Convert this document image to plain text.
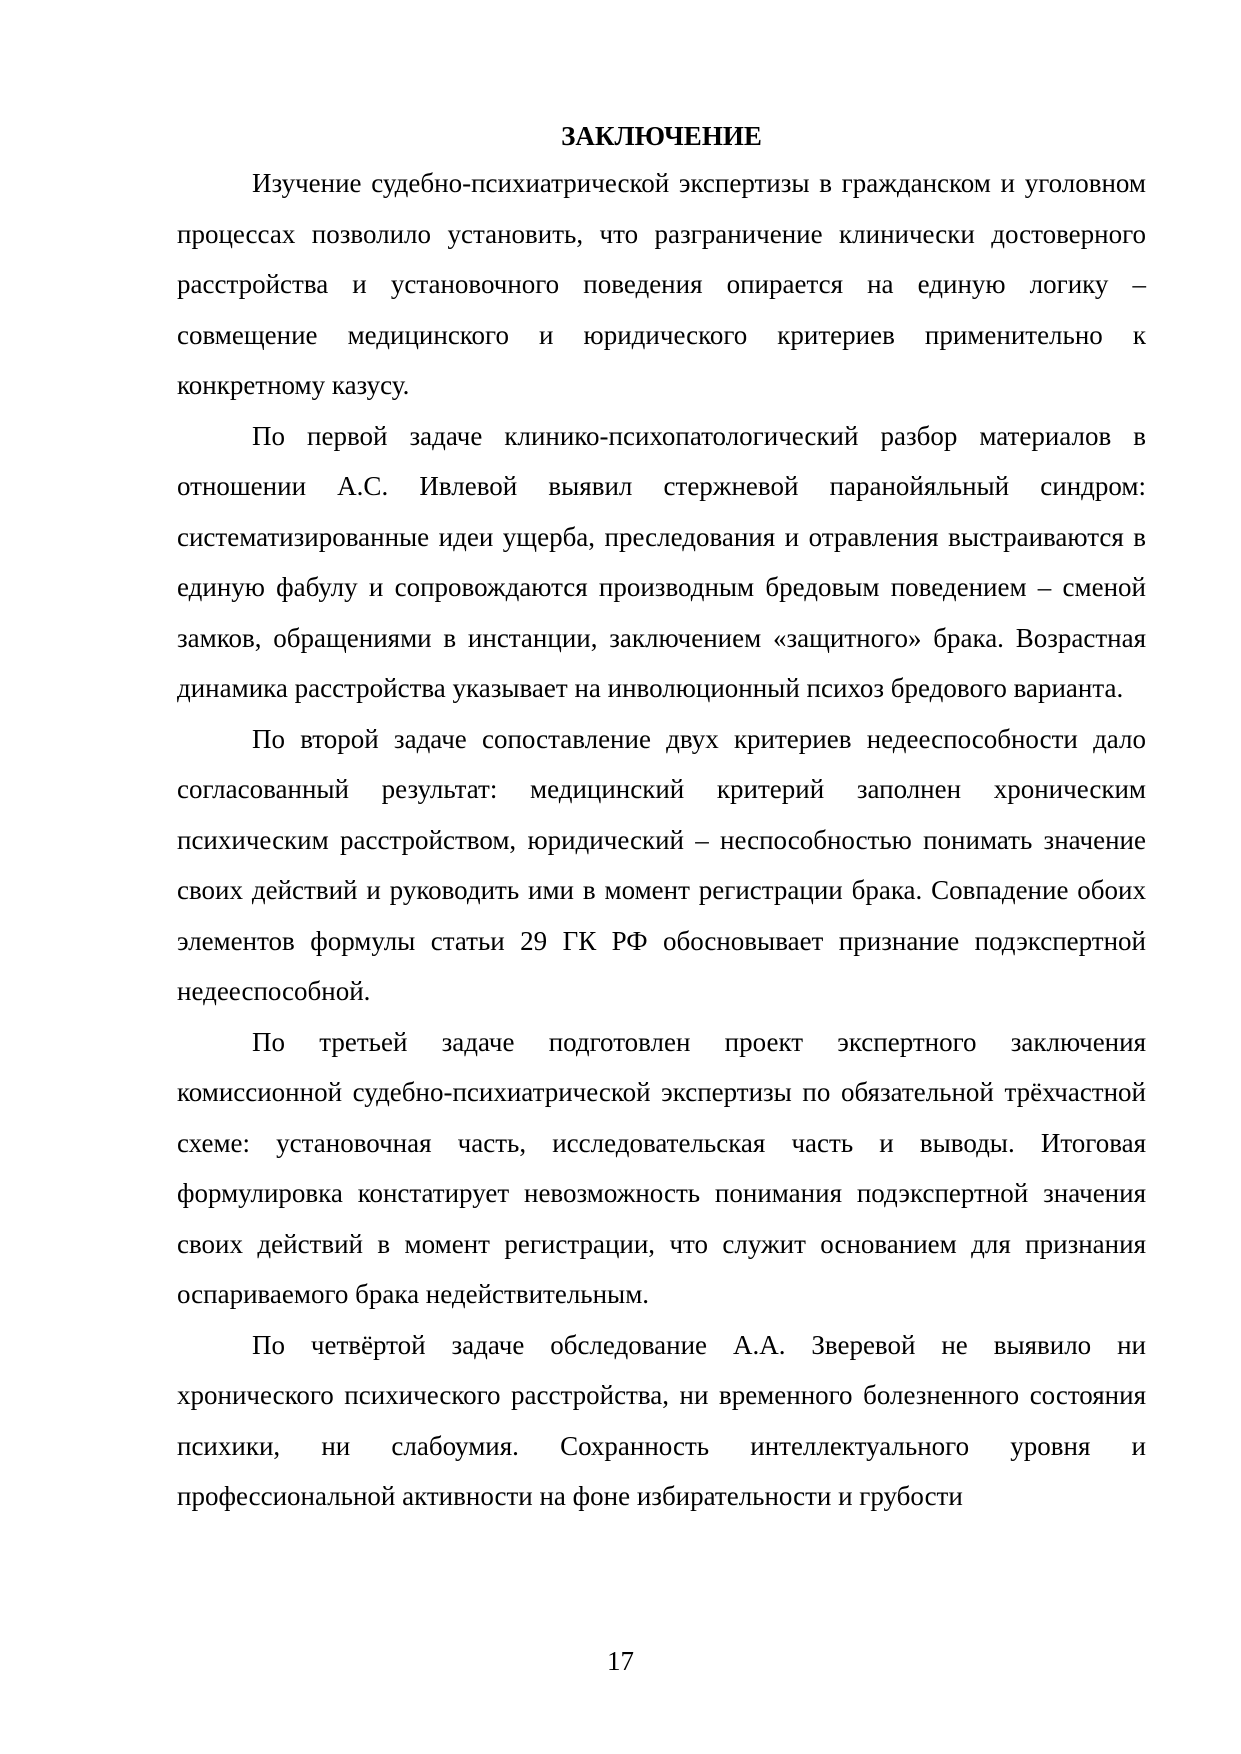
ЗАКЛЮЧЕНИЕ

Изучение судебно-психиатрической экспертизы в гражданском и уголовном процессах позволило установить, что разграничение клинически достоверного расстройства и установочного поведения опирается на единую логику – совмещение медицинского и юридического критериев применительно к конкретному казусу.

По первой задаче клинико-психопатологический разбор материалов в отношении А.С. Ивлевой выявил стержневой паранойяльный синдром: систематизированные идеи ущерба, преследования и отравления выстраиваются в единую фабулу и сопровождаются производным бредовым поведением – сменой замков, обращениями в инстанции, заключением «защитного» брака. Возрастная динамика расстройства указывает на инволюционный психоз бредового варианта.

По второй задаче сопоставление двух критериев недееспособности дало согласованный результат: медицинский критерий заполнен хроническим психическим расстройством, юридический – неспособностью понимать значение своих действий и руководить ими в момент регистрации брака. Совпадение обоих элементов формулы статьи 29 ГК РФ обосновывает признание подэкспертной недееспособной.

По третьей задаче подготовлен проект экспертного заключения комиссионной судебно-психиатрической экспертизы по обязательной трёхчастной схеме: установочная часть, исследовательская часть и выводы. Итоговая формулировка констатирует невозможность понимания подэкспертной значения своих действий в момент регистрации, что служит основанием для признания оспариваемого брака недействительным.

По четвёртой задаче обследование А.А. Зверевой не выявило ни хронического психического расстройства, ни временного болезненного состояния психики, ни слабоумия. Сохранность интеллектуального уровня и профессиональной активности на фоне избирательности и грубости

17
